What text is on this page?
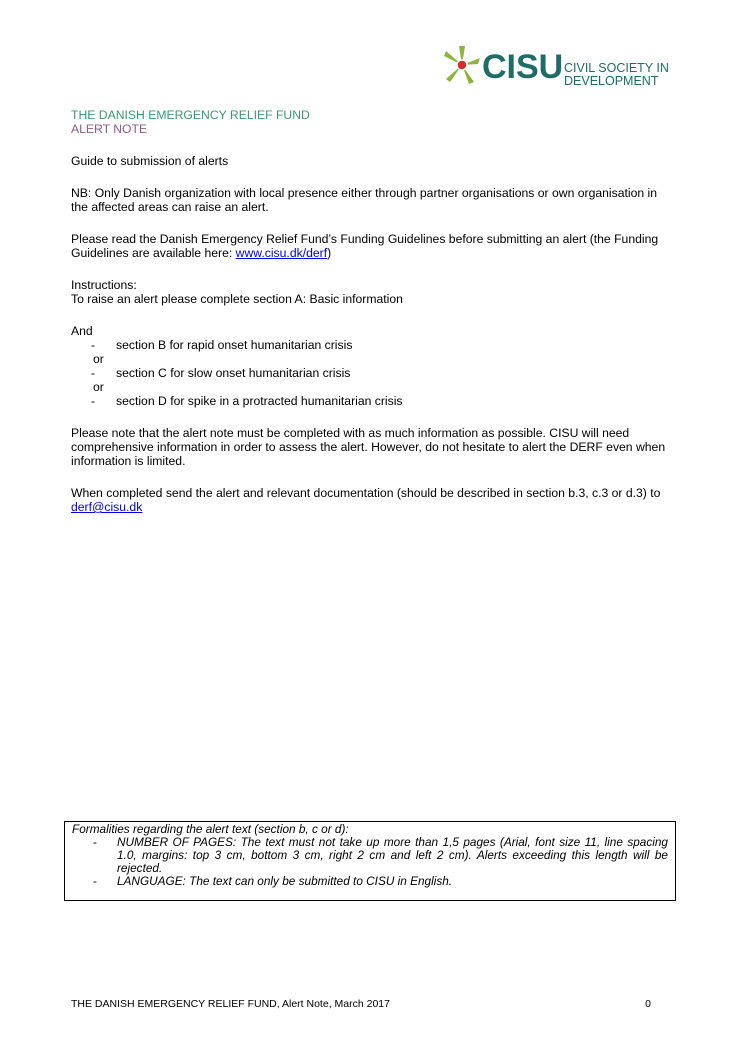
CISU CIVIL SOCIETY IN
DEVELOPMENT
THE DANISH EMERGENCY RELIEF FUND
ALERT NOTE

Guide to submission of alerts

NB: Only Danish organization with local presence either through partner organisations or own organisation in the affected areas can raise an alert.

Please read the Danish Emergency Relief Fund’s Funding Guidelines before submitting an alert (the Funding Guidelines are available here: www.cisu.dk/derf)

Instructions:

To raise an alert please complete section A: Basic information

And
- section B for rapid onset humanitarian crisis
or
- section C for slow onset humanitarian crisis
or

- section D for spike in a protracted humanitarian crisis

Please note that the alert note must be completed with as much information as possible. CISU will need comprehensive information in order to assess the alert. However, do not hesitate to alert the DERF even when information is limited.

When completed send the alert and relevant documentation (should be described in section b.3, c.3 or d.3) to derf@cisu.dk

Formalities regarding the alert text (section b, c or d):
- NUMBER OF PAGES: The text must not take up more than 1,5 pages (Arial, font size 11, line spacing 1.0, margins: top 3 cm, bottom 3 cm, right 2 cm and left 2 cm). Alerts exceeding this length will be rejected.
- LANGUAGE: The text can only be submitted to CISU in English.
THE DANISH EMERGENCY RELIEF FUND, Alert Note, March 2017	0
